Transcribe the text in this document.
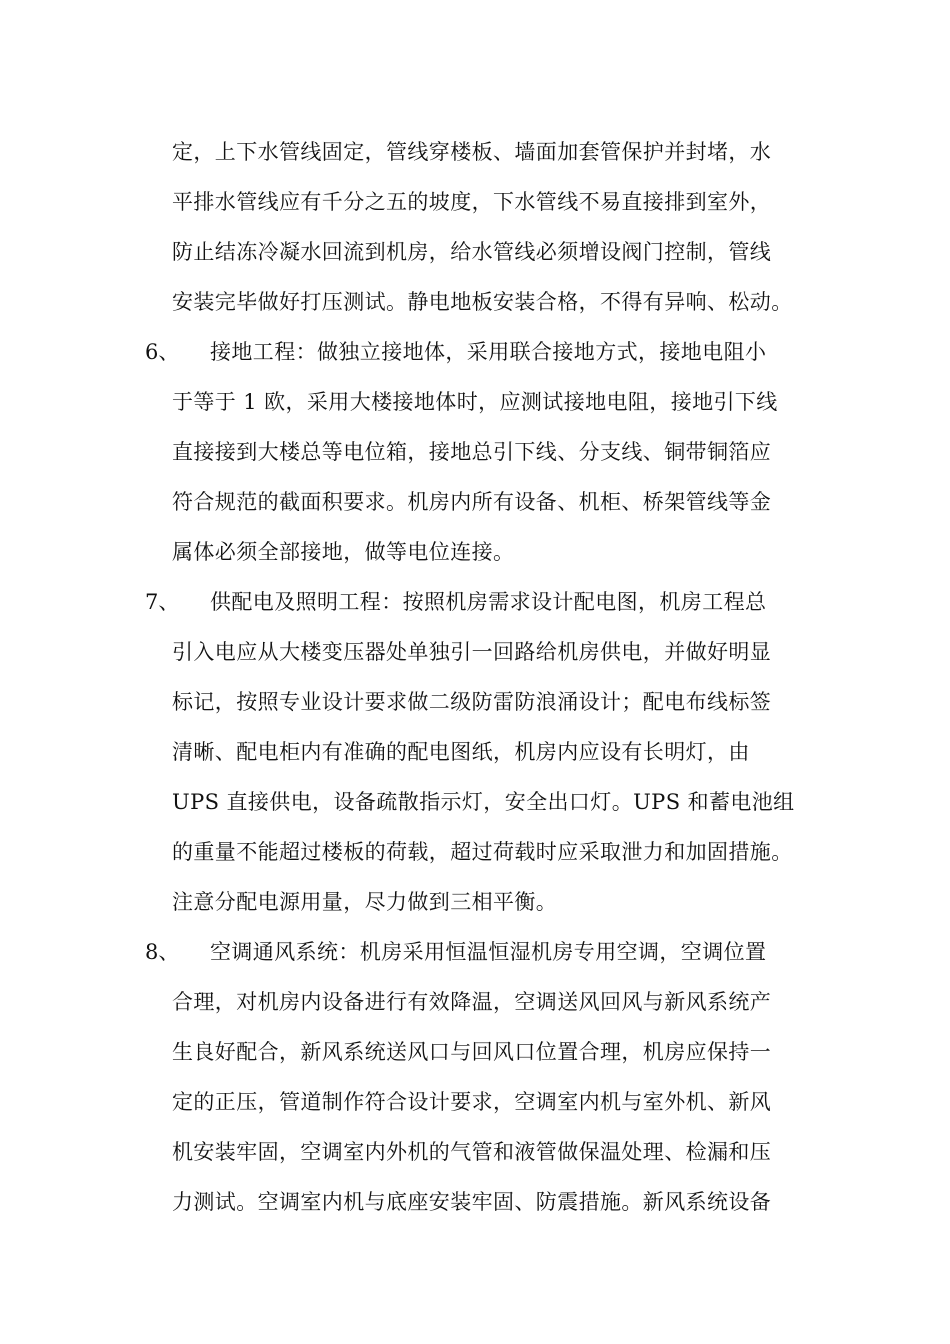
定，上下水管线固定，管线穿楼板、墙面加套管保护并封堵，水
平排水管线应有千分之五的坡度，下水管线不易直接排到室外，
防止结冻冷凝水回流到机房，给水管线必须增设阀门控制，管线
安装完毕做好打压测试。静电地板安装合格，不得有异响、松动。
6、 接地工程：做独立接地体，采用联合接地方式，接地电阻小
于等于 1 欧，采用大楼接地体时，应测试接地电阻，接地引下线
直接接到大楼总等电位箱，接地总引下线、分支线、铜带铜箔应
符合规范的截面积要求。机房内所有设备、机柜、桥架管线等金
属体必须全部接地，做等电位连接。
7、 供配电及照明工程：按照机房需求设计配电图，机房工程总
引入电应从大楼变压器处单独引一回路给机房供电，并做好明显
标记，按照专业设计要求做二级防雷防浪涌设计；配电布线标签
清晰、配电柜内有准确的配电图纸，机房内应设有长明灯，由
UPS 直接供电，设备疏散指示灯，安全出口灯。UPS 和蓄电池组
的重量不能超过楼板的荷载，超过荷载时应采取泄力和加固措施。
注意分配电源用量，尽力做到三相平衡。
8、 空调通风系统：机房采用恒温恒湿机房专用空调，空调位置
合理，对机房内设备进行有效降温，空调送风回风与新风系统产
生良好配合，新风系统送风口与回风口位置合理，机房应保持一
定的正压，管道制作符合设计要求，空调室内机与室外机、新风
机安装牢固，空调室内外机的气管和液管做保温处理、检漏和压
力测试。空调室内机与底座安装牢固、防震措施。新风系统设备
